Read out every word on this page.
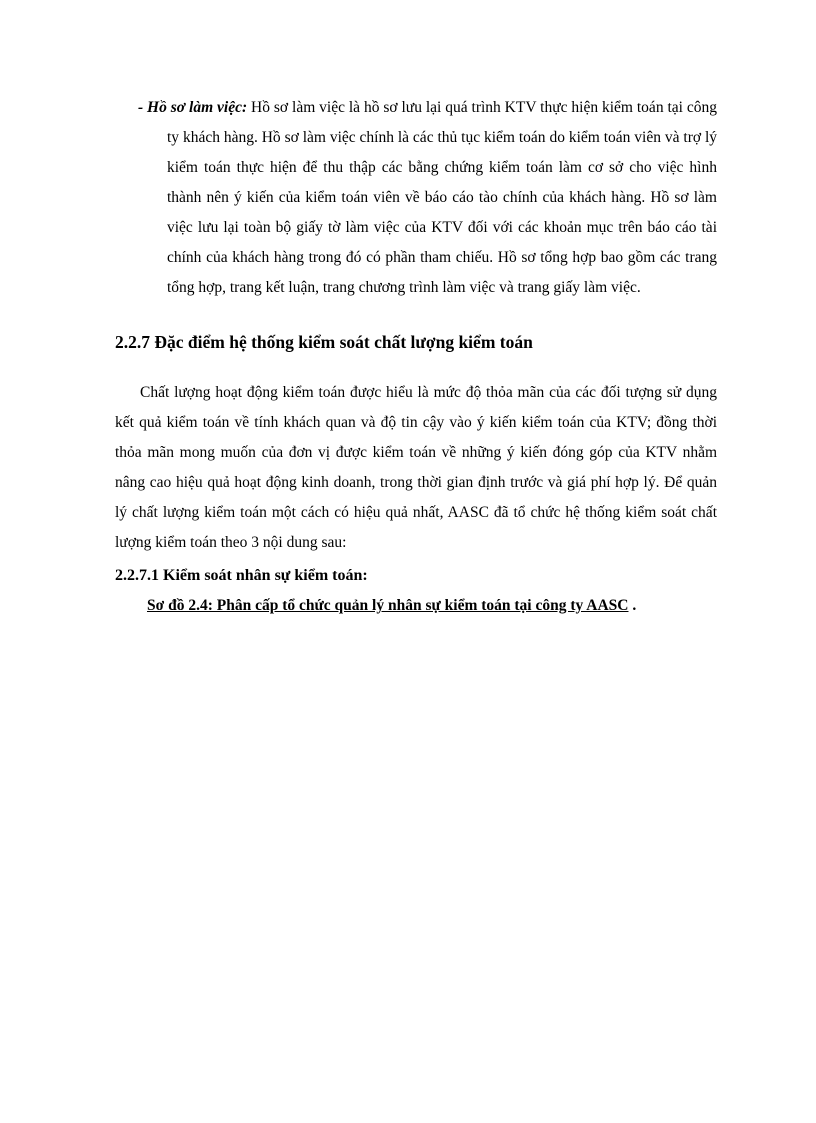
- Hồ sơ làm việc: Hồ sơ làm việc là hồ sơ lưu lại quá trình KTV thực hiện kiểm toán tại công ty khách hàng. Hồ sơ làm việc chính là các thủ tục kiểm toán do kiểm toán viên và trợ lý kiểm toán thực hiện để thu thập các bằng chứng kiểm toán làm cơ sở cho việc hình thành nên ý kiến của kiểm toán viên về báo cáo tào chính của khách hàng. Hồ sơ làm việc lưu lại toàn bộ giấy tờ làm việc của KTV đối với các khoản mục trên báo cáo tài chính của khách hàng trong đó có phần tham chiếu. Hồ sơ tổng hợp bao gồm các trang tổng hợp, trang kết luận, trang chương trình làm việc và trang giấy làm việc.

2.2.7 Đặc điểm hệ thống kiểm soát chất lượng kiểm toán

Chất lượng hoạt động kiểm toán được hiểu là mức độ thỏa mãn của các đối tượng sử dụng kết quả kiểm toán về tính khách quan và độ tin cậy vào ý kiến kiểm toán của KTV; đồng thời thỏa mãn mong muốn của đơn vị được kiểm toán về những ý kiến đóng góp của KTV nhằm nâng cao hiệu quả hoạt động kinh doanh, trong thời gian định trước và giá phí hợp lý. Để quản lý chất lượng kiểm toán một cách có hiệu quả nhất, AASC đã tổ chức hệ thống kiểm soát chất lượng kiểm toán theo 3 nội dung sau:

2.2.7.1 Kiểm soát nhân sự kiểm toán:

Sơ đồ 2.4: Phân cấp tổ chức quản lý nhân sự kiểm toán tại công ty AASC .
